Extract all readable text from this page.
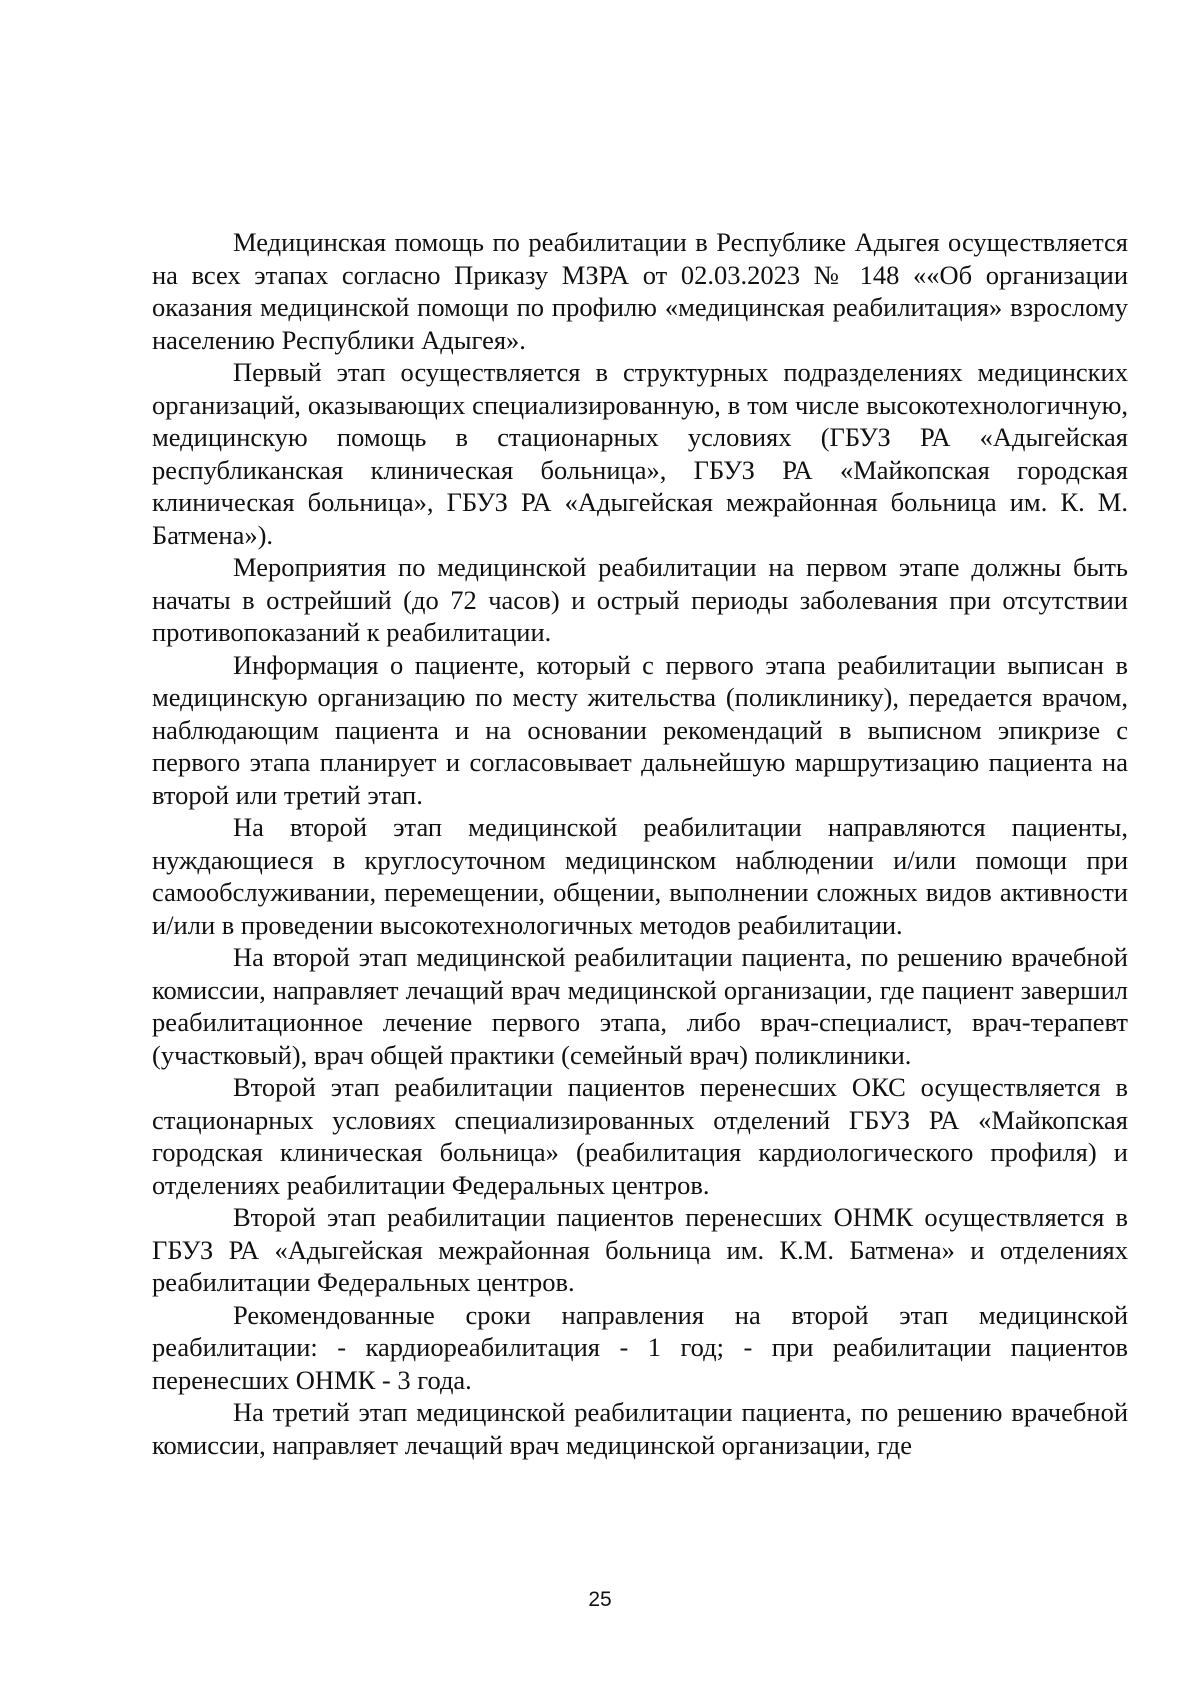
Медицинская помощь по реабилитации в Республике Адыгея осуществляется на всех этапах согласно Приказу МЗРА от 02.03.2023 № 148 ««Об организации оказания медицинской помощи по профилю «медицинская реабилитация» взрослому населению Республики Адыгея».

Первый этап осуществляется в структурных подразделениях медицинских организаций, оказывающих специализированную, в том числе высокотехнологичную, медицинскую помощь в стационарных условиях (ГБУЗ РА «Адыгейская республиканская клиническая больница», ГБУЗ РА «Майкопская городская клиническая больница», ГБУЗ РА «Адыгейская межрайонная больница им. К. М. Батмена»).

Мероприятия по медицинской реабилитации на первом этапе должны быть начаты в острейший (до 72 часов) и острый периоды заболевания при отсутствии противопоказаний к реабилитации.

Информация о пациенте, который с первого этапа реабилитации выписан в медицинскую организацию по месту жительства (поликлинику), передается врачом, наблюдающим пациента и на основании рекомендаций в выписном эпикризе с первого этапа планирует и согласовывает дальнейшую маршрутизацию пациента на второй или третий этап.

На второй этап медицинской реабилитации направляются пациенты, нуждающиеся в круглосуточном медицинском наблюдении и/или помощи при самообслуживании, перемещении, общении, выполнении сложных видов активности и/или в проведении высокотехнологичных методов реабилитации.

На второй этап медицинской реабилитации пациента, по решению врачебной комиссии, направляет лечащий врач медицинской организации, где пациент завершил реабилитационное лечение первого этапа, либо врач-специалист, врач-терапевт (участковый), врач общей практики (семейный врач) поликлиники.

Второй этап реабилитации пациентов перенесших ОКС осуществляется в стационарных условиях специализированных отделений ГБУЗ РА «Майкопская городская клиническая больница» (реабилитация кардиологического профиля) и отделениях реабилитации Федеральных центров.

Второй этап реабилитации пациентов перенесших ОНМК осуществляется в ГБУЗ РА «Адыгейская межрайонная больница им. К.М. Батмена» и отделениях реабилитации Федеральных центров.

Рекомендованные сроки направления на второй этап медицинской реабилитации: - кардиореабилитация - 1 год; - при реабилитации пациентов перенесших ОНМК - 3 года.

На третий этап медицинской реабилитации пациента, по решению врачебной комиссии, направляет лечащий врач медицинской организации, где

25
